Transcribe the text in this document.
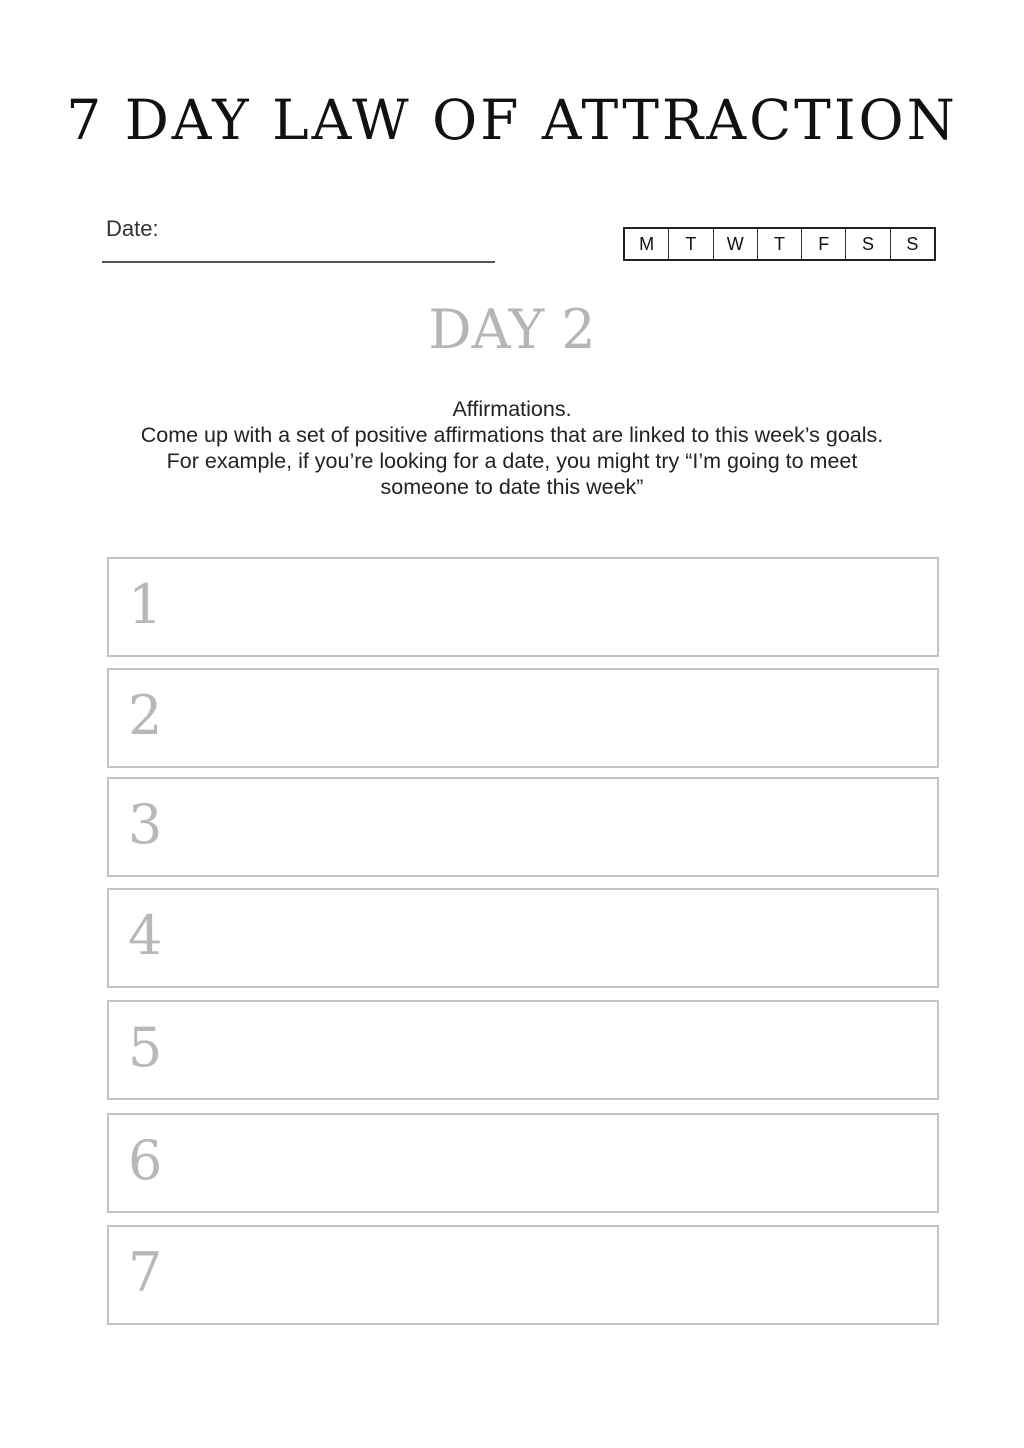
7 DAY LAW OF ATTRACTION
Date:
M	T	W	T	F	S	S
DAY 2
Affirmations.
Come up with a set of positive affirmations that are linked to this week’s goals.
For example, if you’re looking for a date, you might try “I’m going to meet
someone to date this week”
1
2
3
4
5
6
7
